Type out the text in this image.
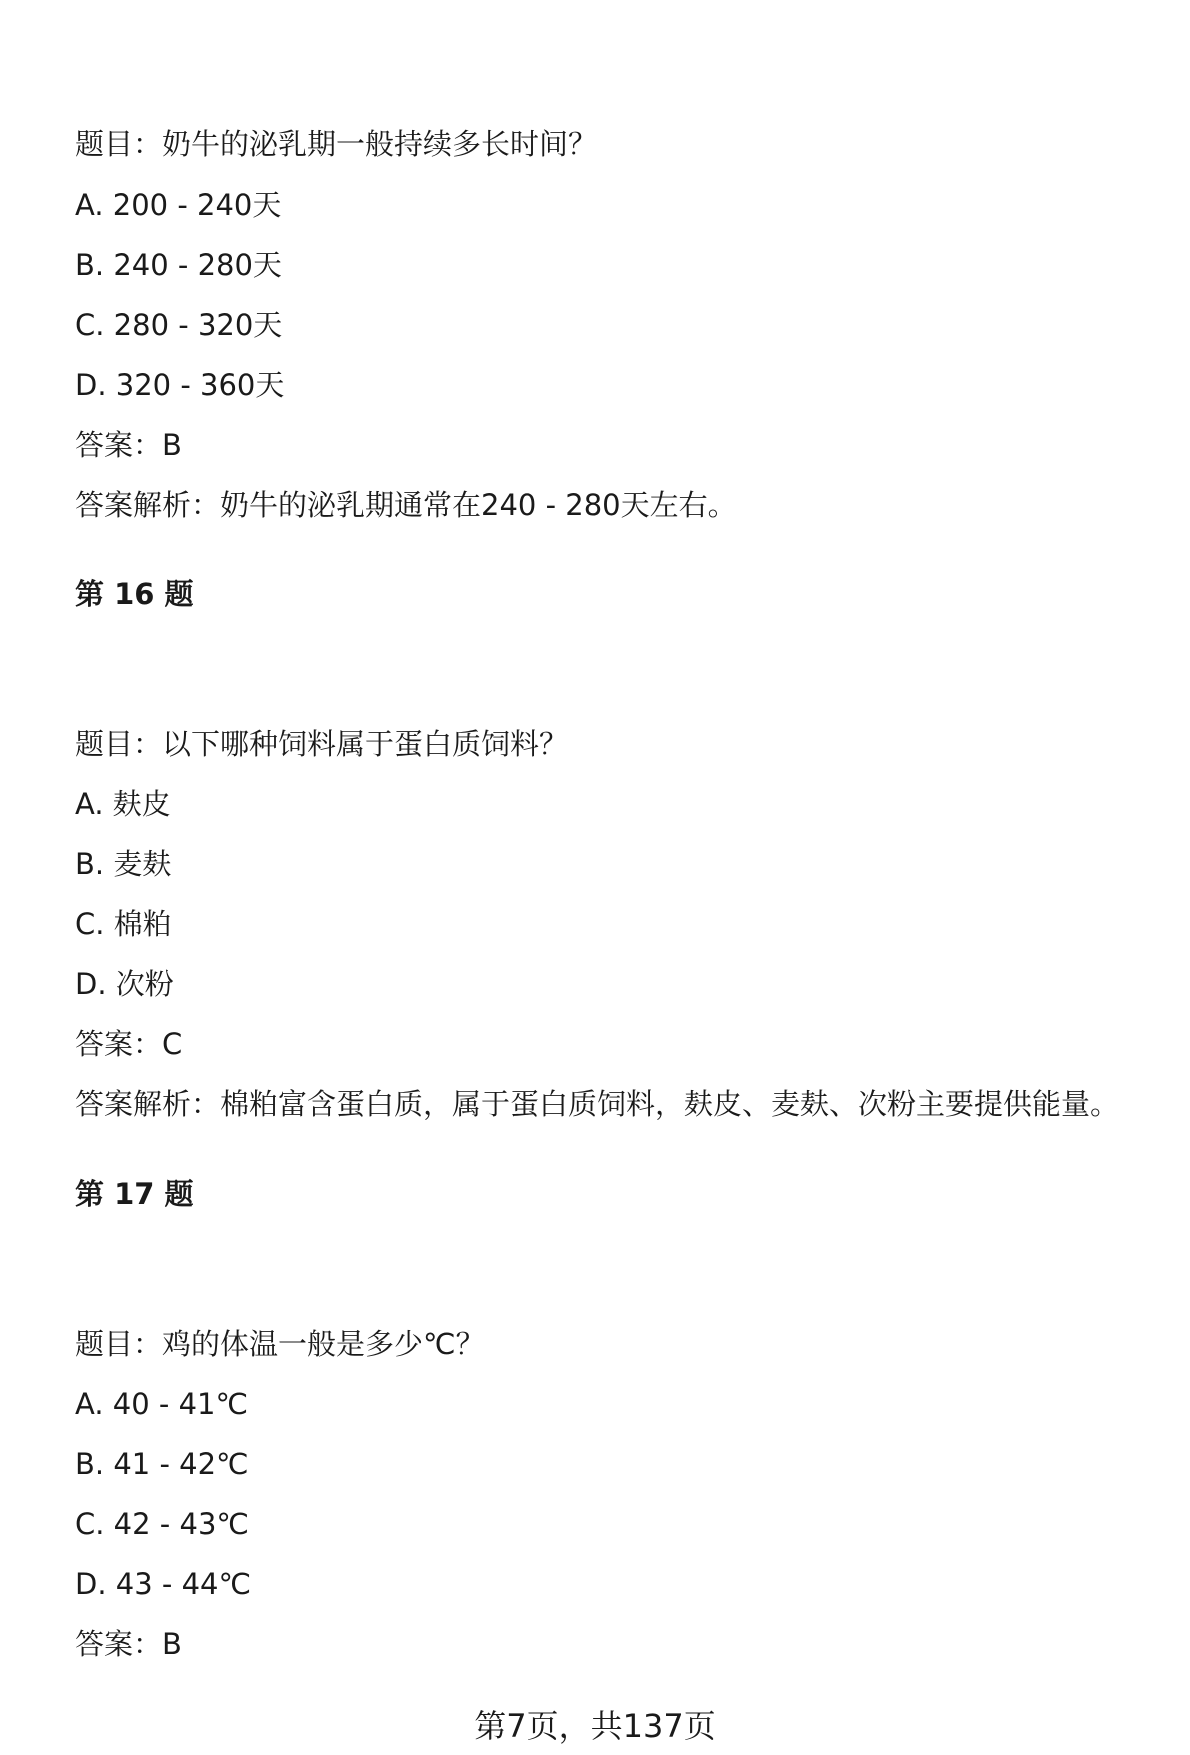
题目：奶牛的泌乳期一般持续多长时间？
A. 200 - 240天
B. 240 - 280天
C. 280 - 320天
D. 320 - 360天
答案：B
答案解析：奶牛的泌乳期通常在240 - 280天左右。
第 16 题
题目：以下哪种饲料属于蛋白质饲料？
A. 麸皮
B. 麦麸
C. 棉粕
D. 次粉
答案：C
答案解析：棉粕富含蛋白质，属于蛋白质饲料，麸皮、麦麸、次粉主要提供能量。
第 17 题
题目：鸡的体温一般是多少℃？
A. 40 - 41℃
B. 41 - 42℃
C. 42 - 43℃
D. 43 - 44℃
答案：B
第7页，共137页
